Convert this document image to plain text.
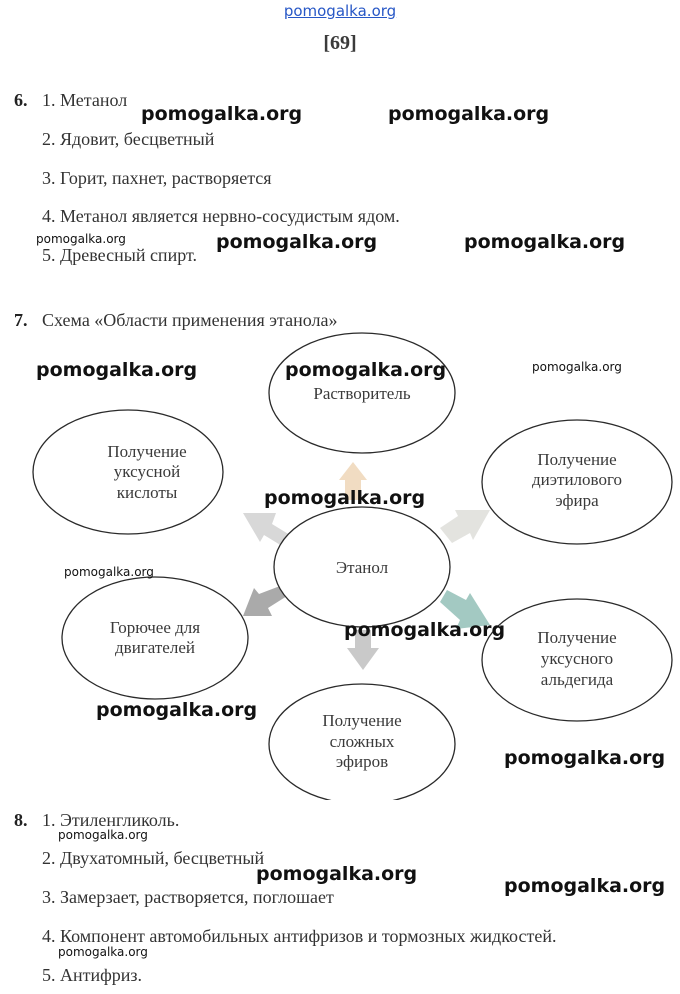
pomogalka.org
[69]
6. 1. Метанол
2. Ядовит, бесцветный
3. Горит, пахнет, растворяется
4. Метанол является нервно-сосудистым ядом.
5. Древесный спирт.
7. Схема «Области применения этанола»
Этанол
Растворитель
Получение
уксусной
кислоты
Получение
диэтилового
эфира
Горючее для
двигателей
Получение
уксусного
альдегида
Получение
сложных
эфиров
8. 1. Этиленгликоль.
2. Двухатомный, бесцветный
3. Замерзает, растворяется, поглошает
4. Компонент автомобильных антифризов и тормозных жидкостей.
5. Антифриз.
pomogalka.org	pomogalka.org
pomogalka.org	pomogalka.org	pomogalka.org
pomogalka.org	pomogalka.org	pomogalka.org
pomogalka.org
pomogalka.org
pomogalka.org
pomogalka.org
pomogalka.org
pomogalka.org
pomogalka.org
pomogalka.org
pomogalka.org
